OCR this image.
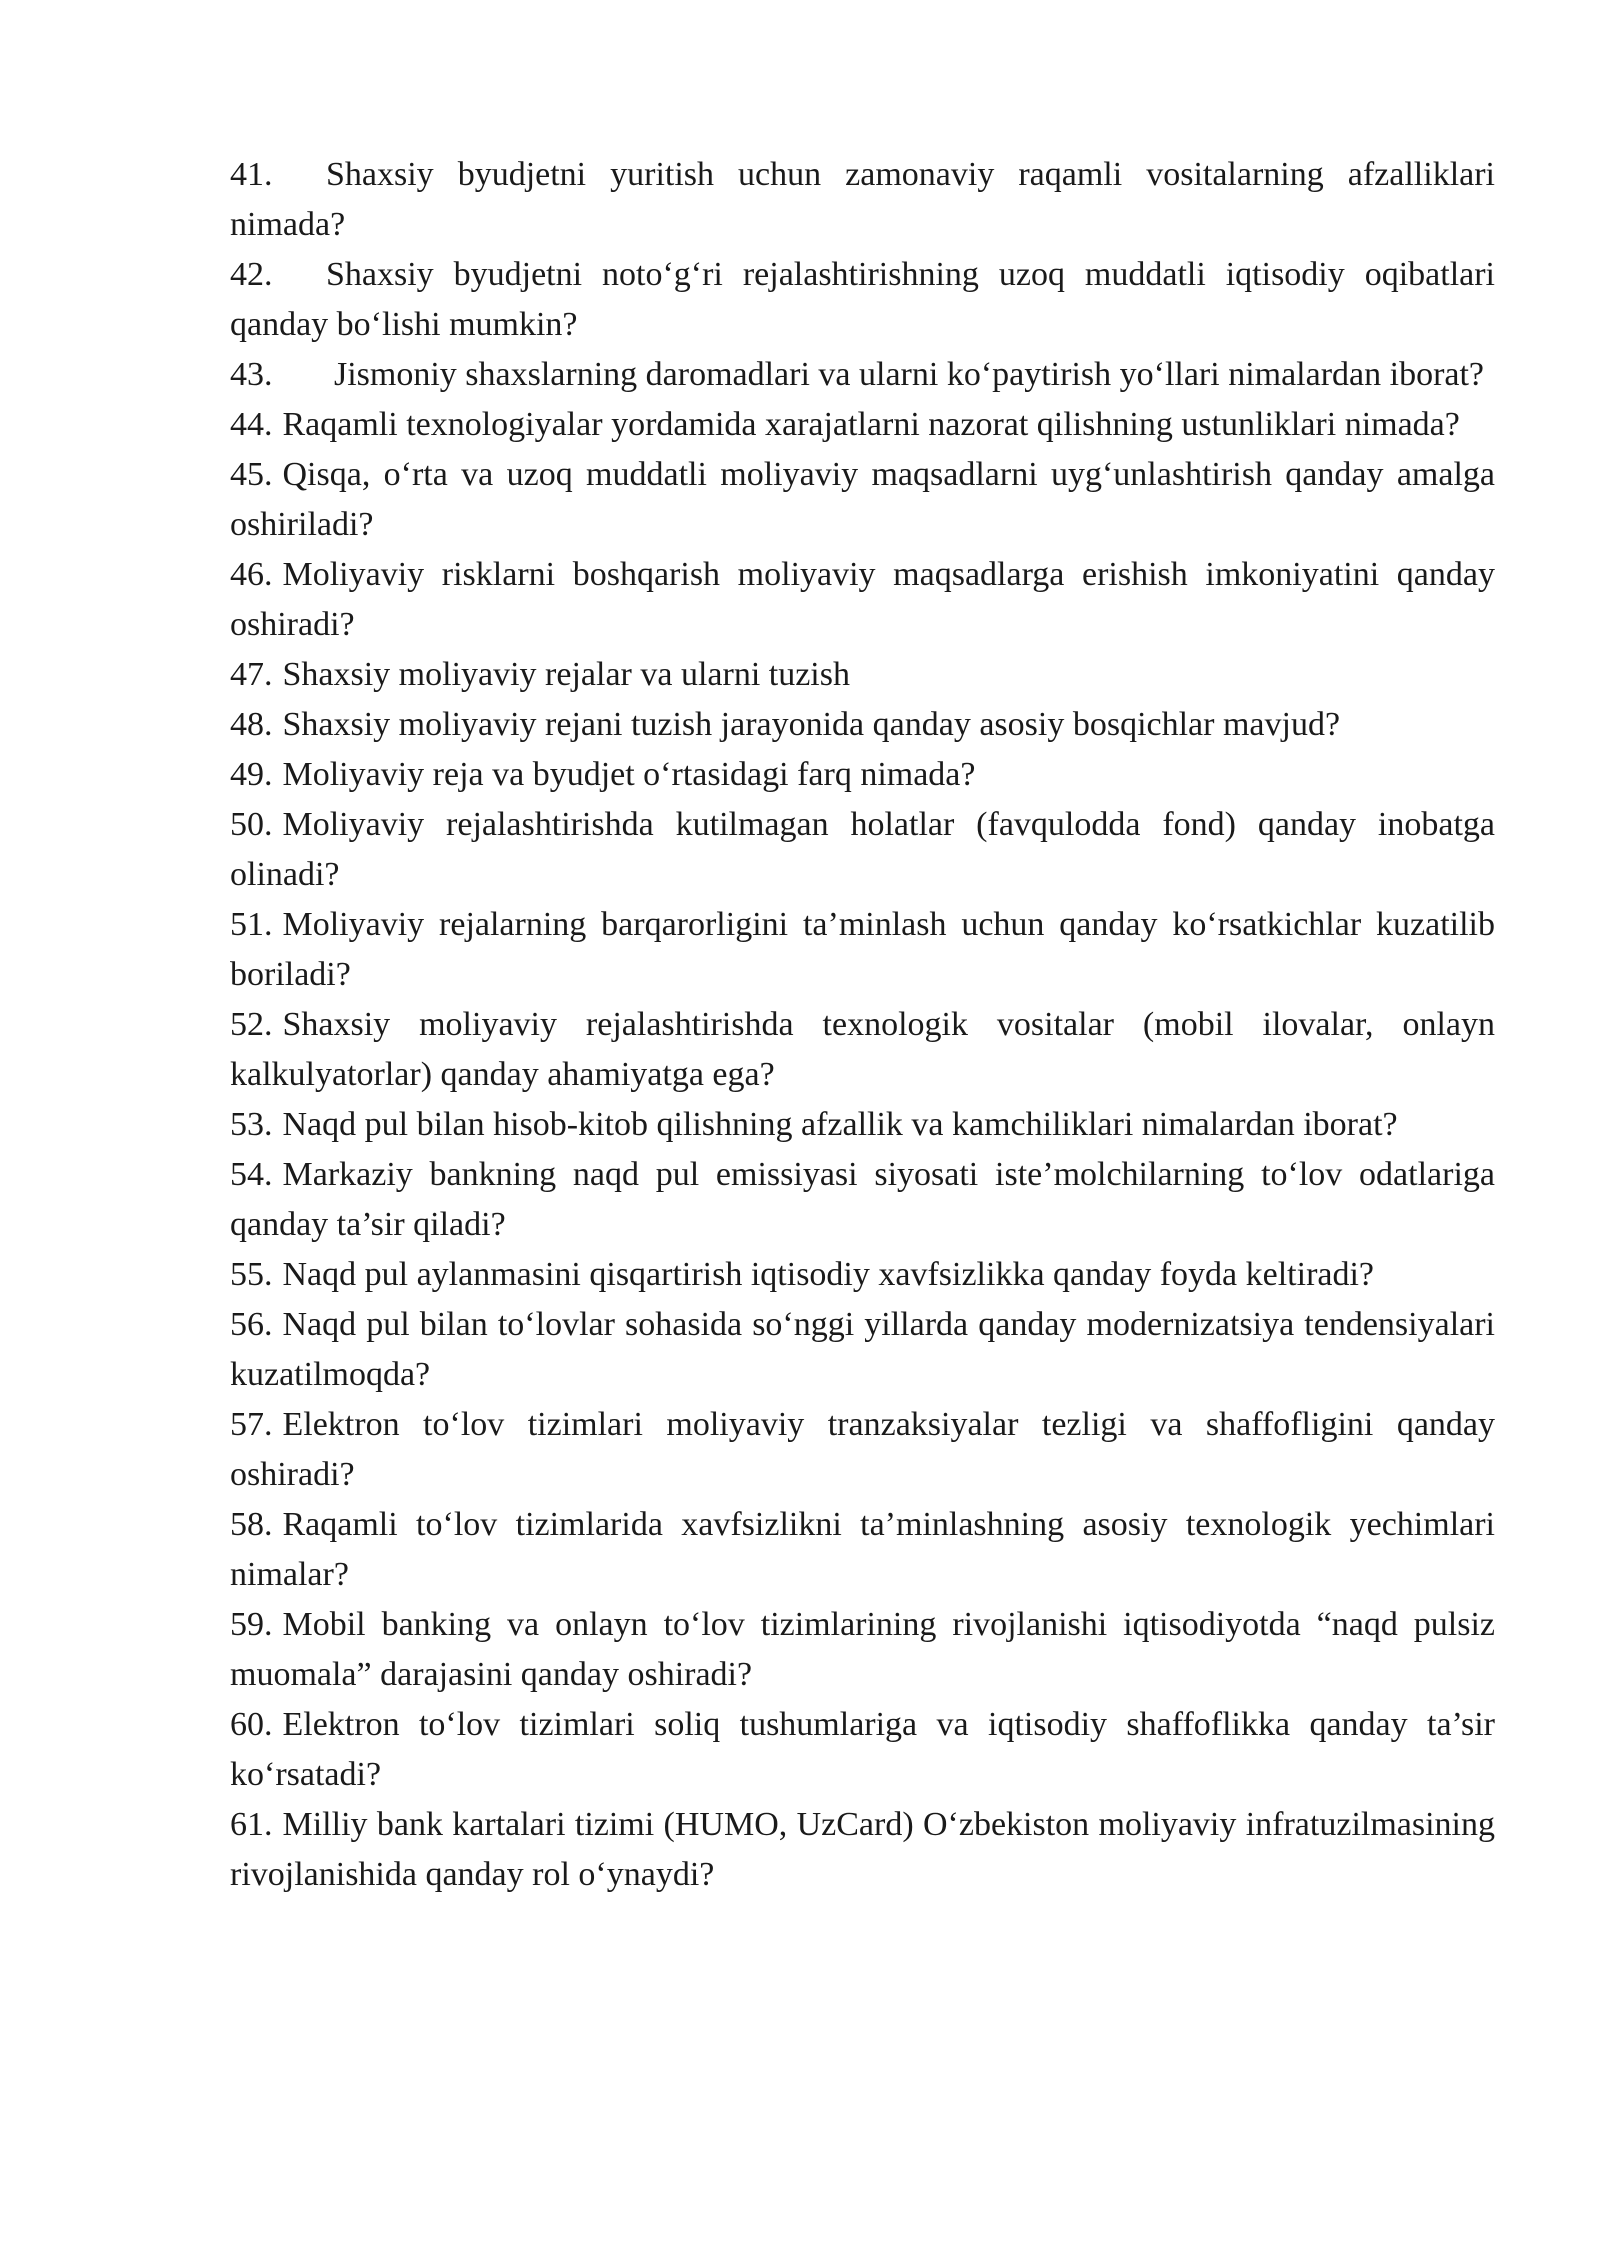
41. Shaxsiy byudjetni yuritish uchun zamonaviy raqamli vositalarning afzalliklari nimada?

42. Shaxsiy byudjetni noto‘g‘ri rejalashtirishning uzoq muddatli iqtisodiy oqibatlari qanday bo‘lishi mumkin?

43. Jismoniy shaxslarning daromadlari va ularni ko‘paytirish yo‘llari nimalardan iborat?

44. Raqamli texnologiyalar yordamida xarajatlarni nazorat qilishning ustunliklari nimada?

45. Qisqa, o‘rta va uzoq muddatli moliyaviy maqsadlarni uyg‘unlashtirish qanday amalga oshiriladi?

46. Moliyaviy risklarni boshqarish moliyaviy maqsadlarga erishish imkoniyatini qanday oshiradi?

47. Shaxsiy moliyaviy rejalar va ularni tuzish

48. Shaxsiy moliyaviy rejani tuzish jarayonida qanday asosiy bosqichlar mavjud?

49. Moliyaviy reja va byudjet o‘rtasidagi farq nimada?

50. Moliyaviy rejalashtirishda kutilmagan holatlar (favqulodda fond) qanday inobatga olinadi?

51. Moliyaviy rejalarning barqarorligini ta’minlash uchun qanday ko‘rsatkichlar kuzatilib boriladi?

52. Shaxsiy moliyaviy rejalashtirishda texnologik vositalar (mobil ilovalar, onlayn kalkulyatorlar) qanday ahamiyatga ega?

53. Naqd pul bilan hisob-kitob qilishning afzallik va kamchiliklari nimalardan iborat?

54. Markaziy bankning naqd pul emissiyasi siyosati iste’molchilarning to‘lov odatlariga qanday ta’sir qiladi?

55. Naqd pul aylanmasini qisqartirish iqtisodiy xavfsizlikka qanday foyda keltiradi?

56. Naqd pul bilan to‘lovlar sohasida so‘nggi yillarda qanday modernizatsiya tendensiyalari kuzatilmoqda?

57. Elektron to‘lov tizimlari moliyaviy tranzaksiyalar tezligi va shaffofligini qanday oshiradi?

58. Raqamli to‘lov tizimlarida xavfsizlikni ta’minlashning asosiy texnologik yechimlari nimalar?

59. Mobil banking va onlayn to‘lov tizimlarining rivojlanishi iqtisodiyotda “naqd pulsiz muomala” darajasini qanday oshiradi?

60. Elektron to‘lov tizimlari soliq tushumlariga va iqtisodiy shaffoflikka qanday ta’sir ko‘rsatadi?

61. Milliy bank kartalari tizimi (HUMO, UzCard) O‘zbekiston moliyaviy infratuzilmasining rivojlanishida qanday rol o‘ynaydi?
